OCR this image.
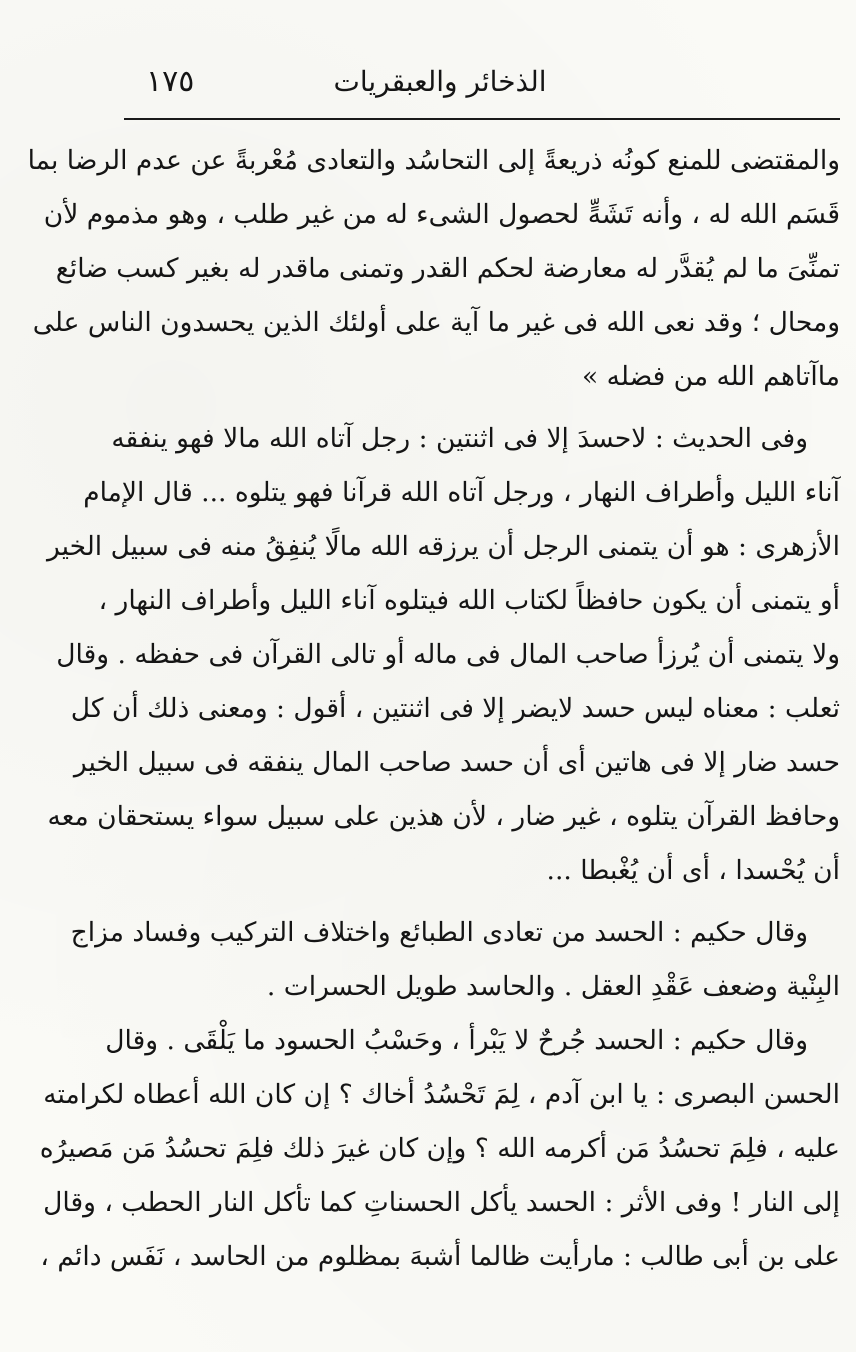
الذخائر والعبقريات
١٧٥
والمقتضى للمنع كونُه ذريعةً إلى التحاسُد والتعادى مُعْربةً عن عدم الرضا بما
قَسَم الله له ، وأنه تَشَهٍّ لحصول الشىء له من غير طلب ، وهو مذموم لأن
تمنِّىَ ما لم يُقدَّر له معارضة لحكم القدر وتمنى ماقدر له بغير كسب ضائع
ومحال ؛ وقد نعى الله فى غير ما آية على أولئك الذين يحسدون الناس على
ماآتاهم الله من فضله »
وفى الحديث : لاحسدَ إلا فى اثنتين : رجل آتاه الله مالا فهو ينفقه
آناء الليل وأطراف النهار ، ورجل آتاه الله قرآنا فهو يتلوه ... قال الإمام
الأزهرى : هو أن يتمنى الرجل أن يرزقه الله مالًا يُنفِقُ منه فى سبيل الخير
أو يتمنى أن يكون حافظاً لكتاب الله فيتلوه آناء الليل وأطراف النهار ،
ولا يتمنى أن يُرزأ صاحب المال فى ماله أو تالى القرآن فى حفظه . وقال
ثعلب : معناه ليس حسد لايضر إلا فى اثنتين ، أقول : ومعنى ذلك أن كل
حسد ضار إلا فى هاتين أى أن حسد صاحب المال ينفقه فى سبيل الخير
وحافظ القرآن يتلوه ، غير ضار ، لأن هذين على سبيل سواء يستحقان معه
أن يُحْسدا ، أى أن يُغْبطا ...
وقال حكيم : الحسد من تعادى الطبائع واختلاف التركيب وفساد مزاج
البِنْية وضعف عَقْدِ العقل . والحاسد طويل الحسرات .
وقال حكيم : الحسد جُرحٌ لا يَبْرأ ، وحَسْبُ الحسود ما يَلْقَى . وقال
الحسن البصرى : يا ابن آدم ، لِمَ تَحْسُدُ أخاك ؟ إن كان الله أعطاه لكرامته
عليه ، فلِمَ تحسُدُ مَن أكرمه الله ؟ وإن كان غيرَ ذلك فلِمَ تحسُدُ مَن مَصيرُه
إلى النار ! وفى الأثر : الحسد يأكل الحسناتِ كما تأكل النار الحطب ، وقال
على بن أبى طالب : مارأيت ظالما أشبهَ بمظلوم من الحاسد ، نَفَس دائم ،
